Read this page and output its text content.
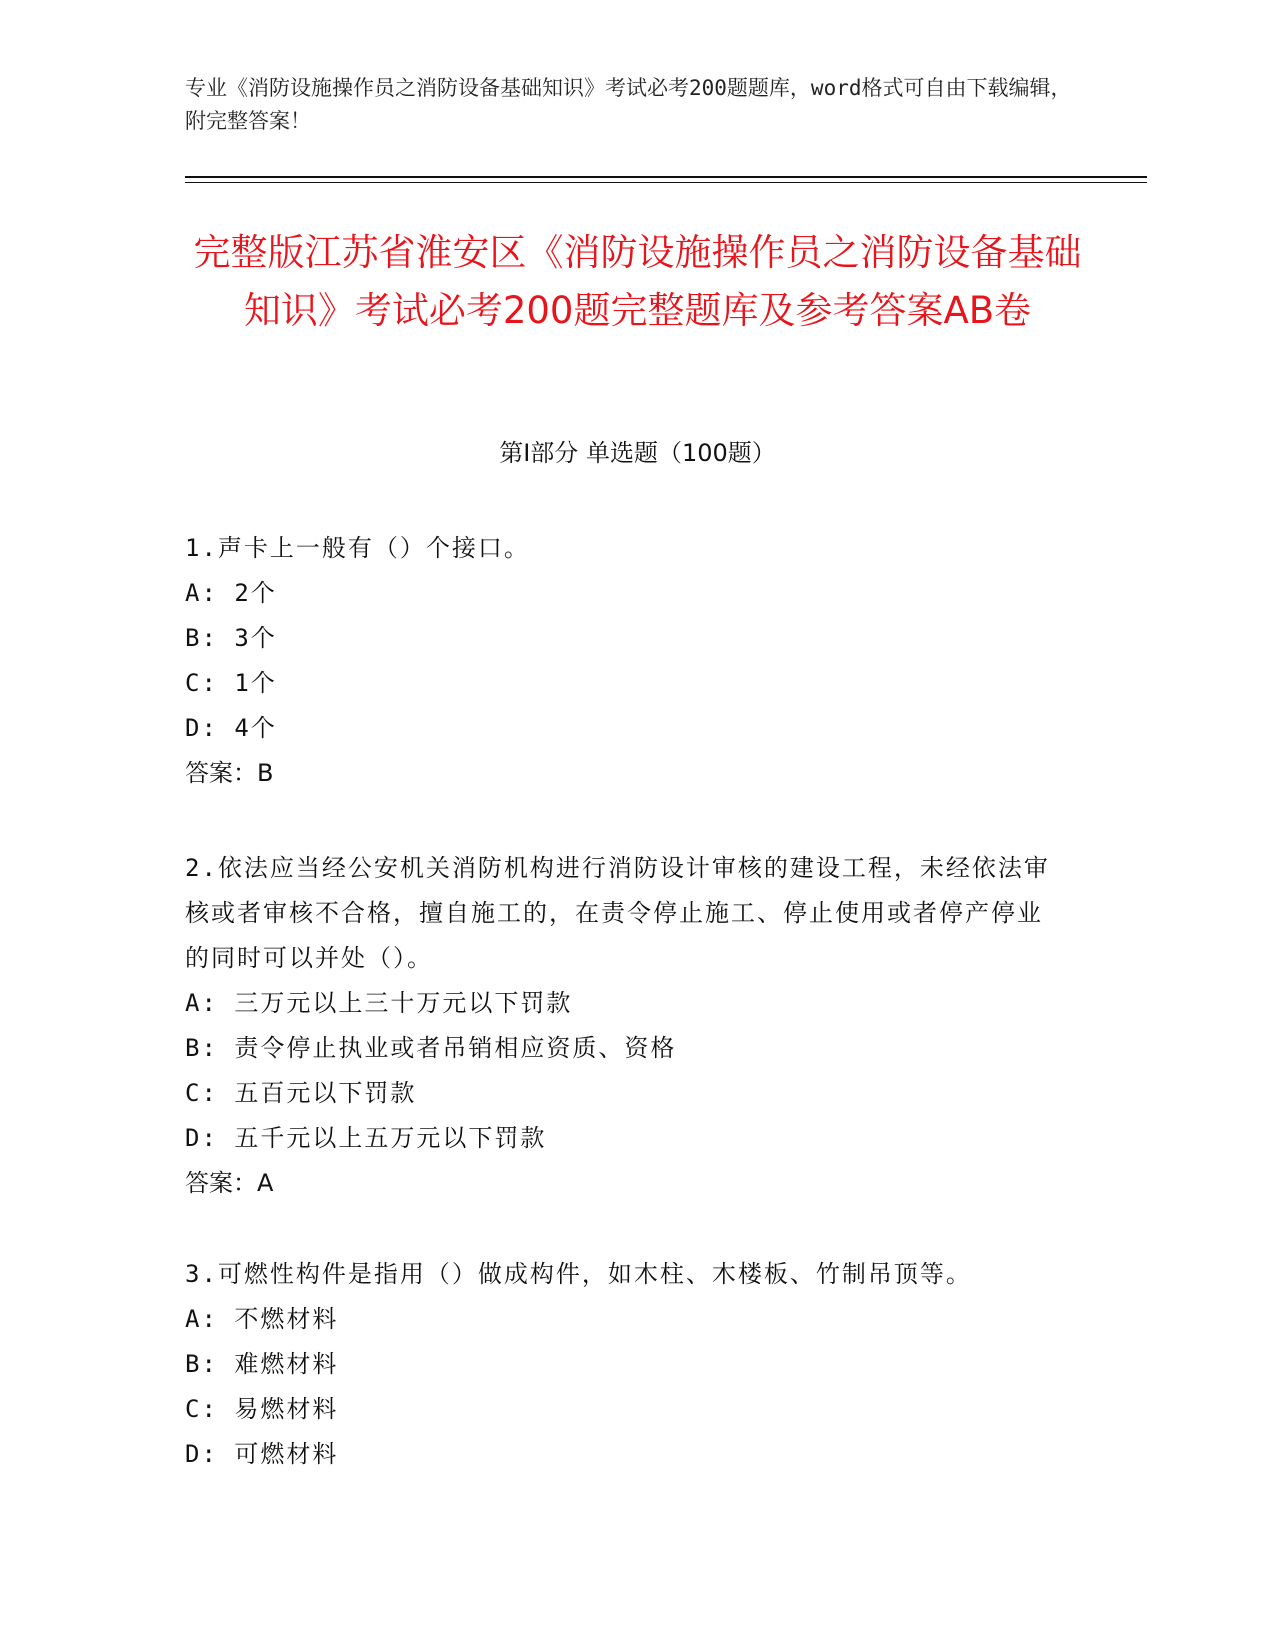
专业《消防设施操作员之消防设备基础知识》考试必考200题题库，word格式可自由下载编辑，附完整答案！
完整版江苏省淮安区《消防设施操作员之消防设备基础知识》考试必考200题完整题库及参考答案AB卷
第Ⅰ部分 单选题（100题）
1.声卡上一般有（）个接口。
A: 2个
B: 3个
C: 1个
D: 4个
答案：B
2.依法应当经公安机关消防机构进行消防设计审核的建设工程，未经依法审核或者审核不合格，擅自施工的，在责令停止施工、停止使用或者停产停业的同时可以并处（）。
A: 三万元以上三十万元以下罚款
B: 责令停止执业或者吊销相应资质、资格
C: 五百元以下罚款
D: 五千元以上五万元以下罚款
答案：A
3.可燃性构件是指用（）做成构件，如木柱、木楼板、竹制吊顶等。
A: 不燃材料
B: 难燃材料
C: 易燃材料
D: 可燃材料
